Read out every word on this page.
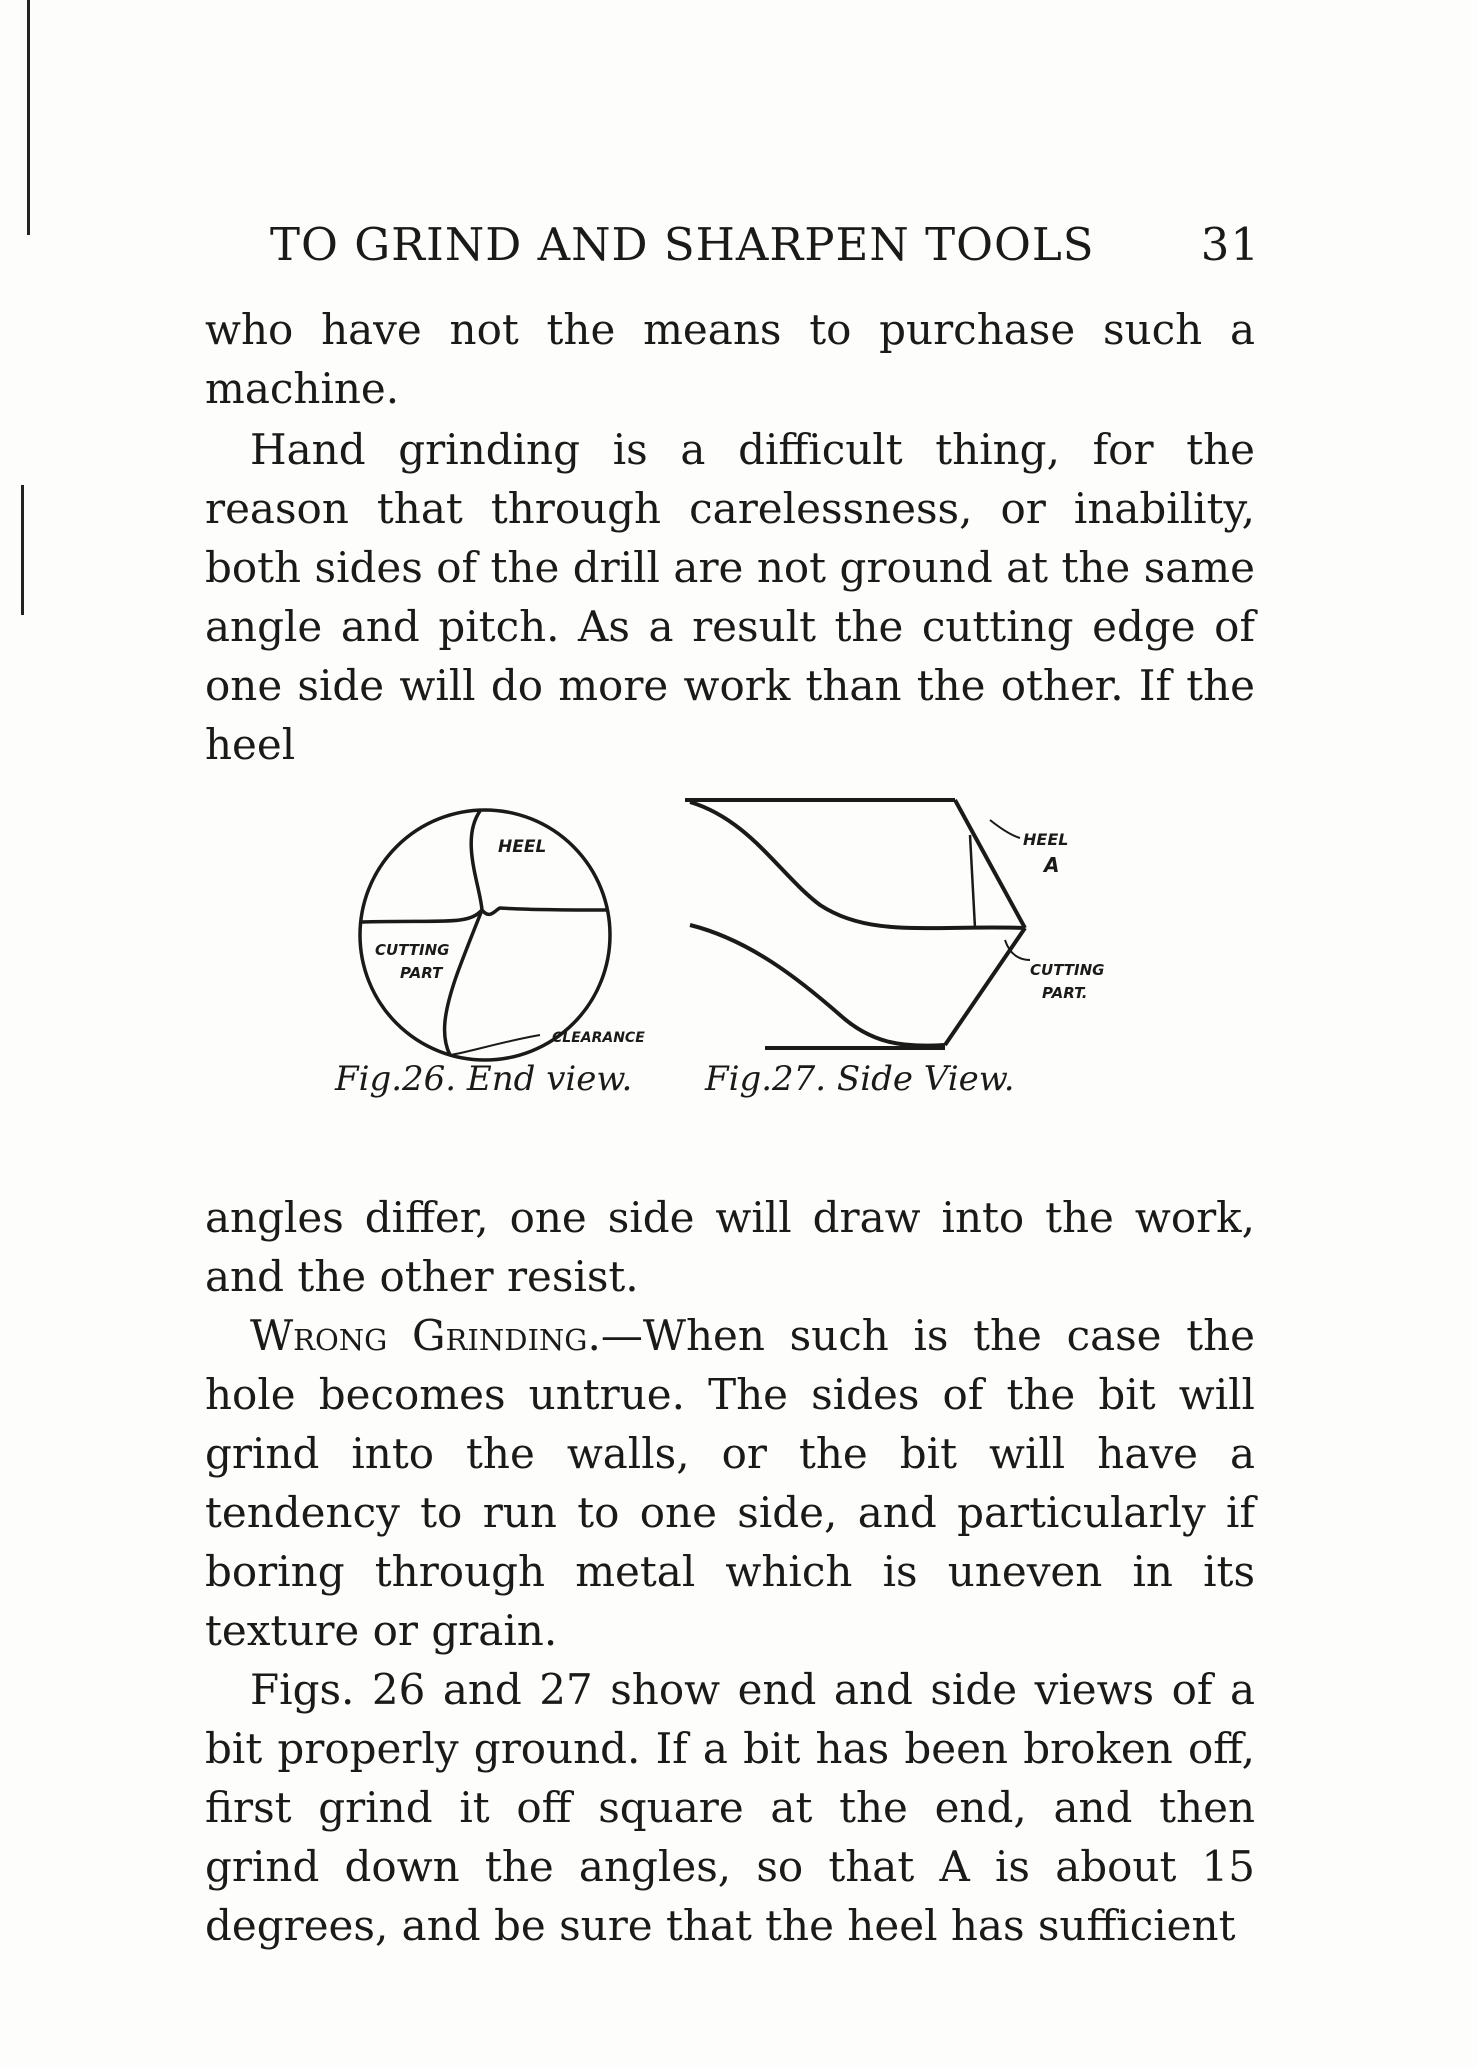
TO GRIND AND SHARPEN TOOLS 31

who have not the means to purchase such a machine.

Hand grinding is a difficult thing, for the reason that through carelessness, or inability, both sides of the drill are not ground at the same angle and pitch. As a result the cutting edge of one side will do more work than the other. If the heel

HEEL
CUTTING
PART
CLEARANCE
Fig.26. End view.
HEEL
A
CUTTING
PART.
Fig.27. Side View.

angles differ, one side will draw into the work, and the other resist.

Wrong Grinding.—When such is the case the hole becomes untrue. The sides of the bit will grind into the walls, or the bit will have a tendency to run to one side, and particularly if boring through metal which is uneven in its texture or grain.

Figs. 26 and 27 show end and side views of a bit properly ground. If a bit has been broken off, first grind it off square at the end, and then grind down the angles, so that A is about 15 degrees, and be sure that the heel has sufficient
